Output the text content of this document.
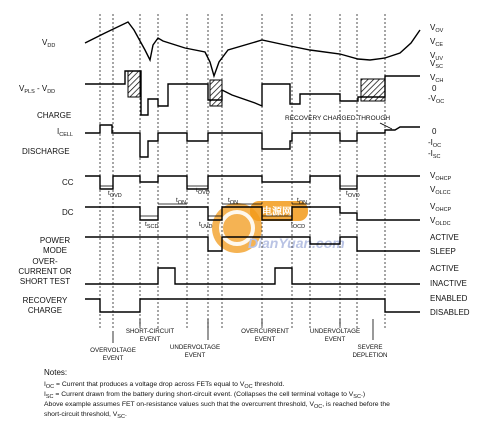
电源网
DianYuan.com
$V_{DD}$
$V_{PLS} - V_{DD}$
CHARGE
$I_{CELL}$
DISCHARGE
CC
DC
POWER MODE
OVER-CURRENT OR SHORT TEST
RECOVERY CHARGE
$V_{OV}$
$V_{CE}$
$V_{UV}$
$V_{SC}$
$V_{CH}$
0
$-V_{OC}$
0
$-I_{OC}$
$-I_{SC}$
$V_{OHCP}$
$V_{OLCC}$
$V_{OHCP}$
$V_{OLDC}$
ACTIVE
SLEEP
ACTIVE
INACTIVE
ENABLED
DISABLED
RECOVERY CHARGED THROUGH
$t_{OVD}$
$t_{OVD}$	$t_{OVD}$
$t_{ON}$	$t_{ON}$	$t_{ON}$
$t_{SCD}$	$t_{UVD}$	$t_{OCD}$
OVERVOLTAGE EVENT
SHORT-CIRCUIT EVENT
UNDERVOLTAGE EVENT
OVERCURRENT EVENT
UNDERVOLTAGE EVENT
SEVERE DEPLETION
Notes:
$I_{OC}$ = Current that produces a voltage drop across FETs equal to $V_{OC}$ threshold.
$I_{SC}$ = Current drawn from the battery during short-circuit event. (Collapses the cell terminal voltage to $V_{SC}$.)
Above example assumes FET on-resistance values such that the overcurrent threshold, $V_{OC}$, is reached before the
short-circuit threshold, $V_{SC}$.
